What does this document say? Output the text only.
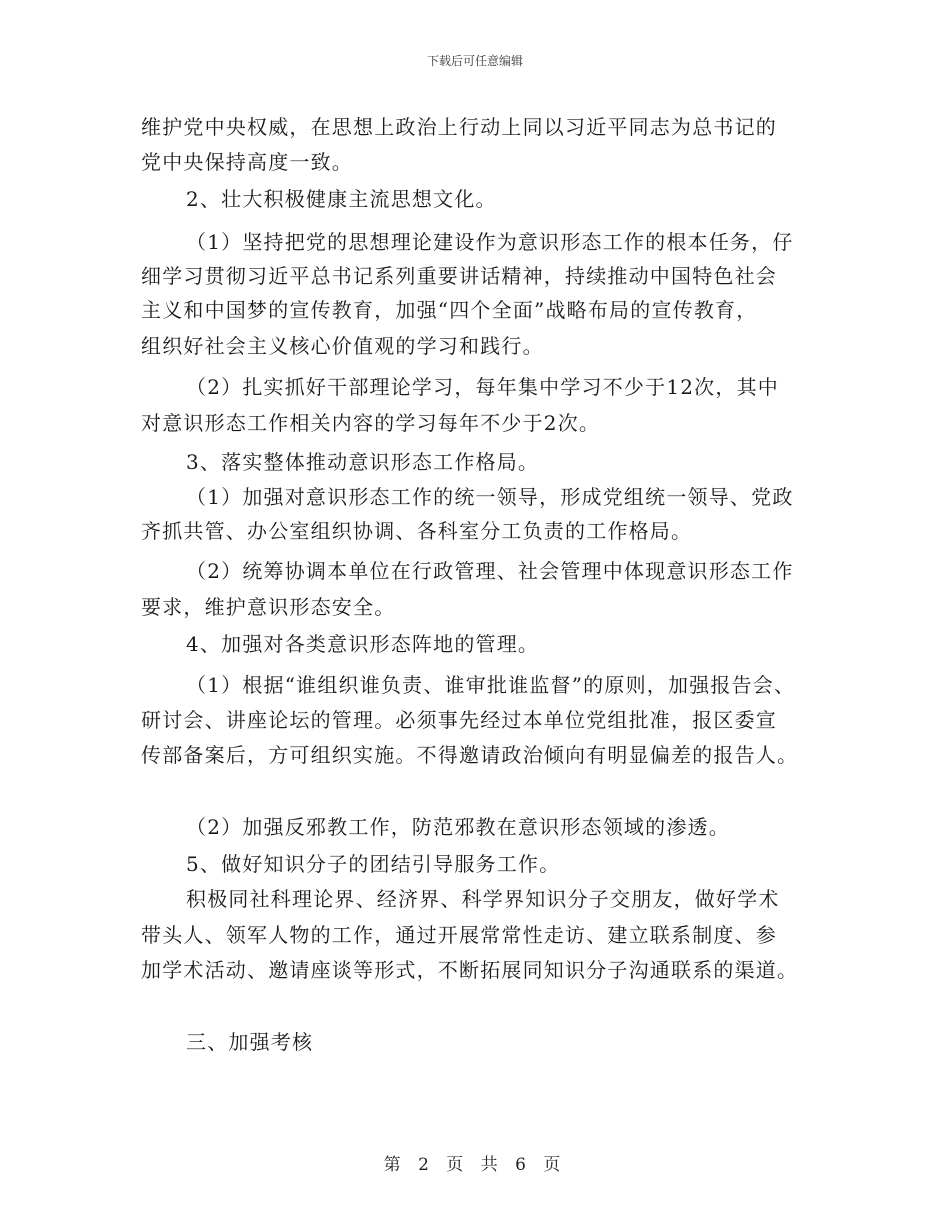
下载后可任意编辑
维护党中央权威，在思想上政治上行动上同以习近平同志为总书记的
党中央保持高度一致。
2、壮大积极健康主流思想文化。
（1）坚持把党的思想理论建设作为意识形态工作的根本任务，仔
细学习贯彻习近平总书记系列重要讲话精神，持续推动中国特色社会
主义和中国梦的宣传教育，加强“四个全面”战略布局的宣传教育，
组织好社会主义核心价值观的学习和践行。
（2）扎实抓好干部理论学习，每年集中学习不少于12次，其中
对意识形态工作相关内容的学习每年不少于2次。
3、落实整体推动意识形态工作格局。
（1）加强对意识形态工作的统一领导，形成党组统一领导、党政
齐抓共管、办公室组织协调、各科室分工负责的工作格局。
（2）统筹协调本单位在行政管理、社会管理中体现意识形态工作
要求，维护意识形态安全。
4、加强对各类意识形态阵地的管理。
（1）根据“谁组织谁负责、谁审批谁监督”的原则，加强报告会、
研讨会、讲座论坛的管理。必须事先经过本单位党组批准，报区委宣
传部备案后，方可组织实施。不得邀请政治倾向有明显偏差的报告人。
（2）加强反邪教工作，防范邪教在意识形态领域的渗透。
5、做好知识分子的团结引导服务工作。
积极同社科理论界、经济界、科学界知识分子交朋友，做好学术
带头人、领军人物的工作，通过开展常常性走访、建立联系制度、参
加学术活动、邀请座谈等形式，不断拓展同知识分子沟通联系的渠道。
三、加强考核
第 2 页 共 6 页
